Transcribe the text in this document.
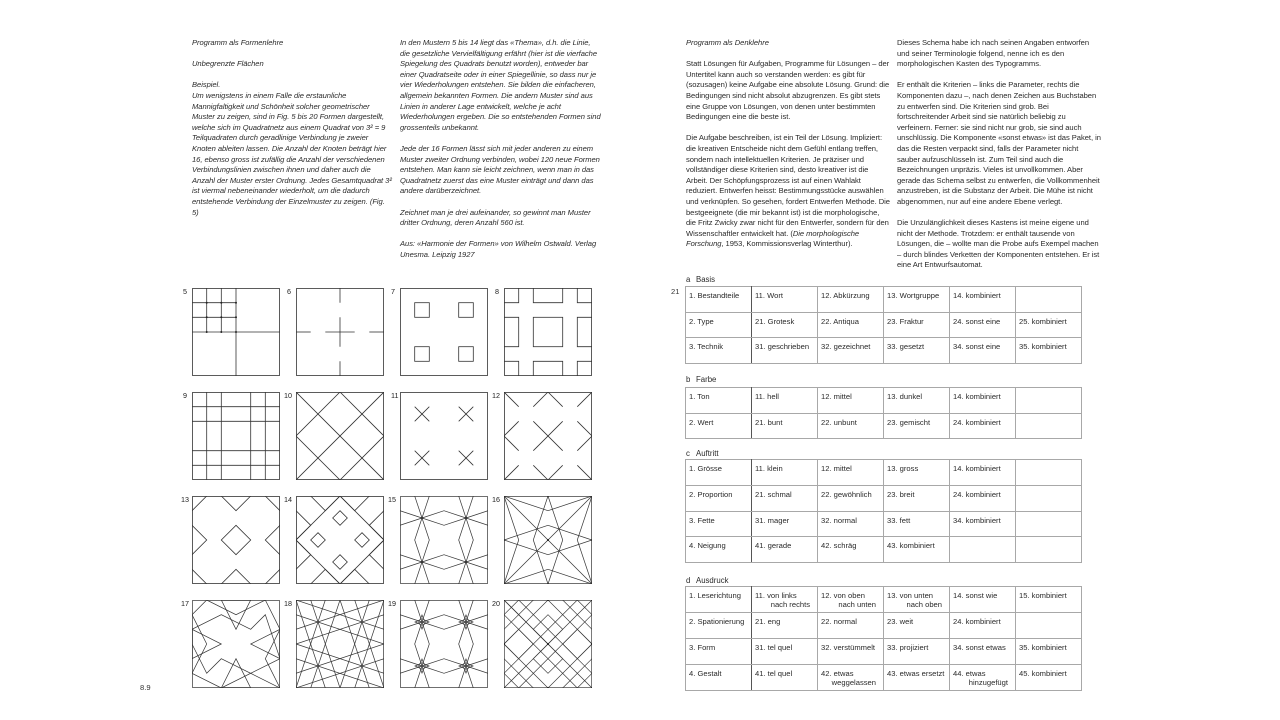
Programm als Formenlehre

Unbegrenzte Flächen

Beispiel.

Um wenigstens in einem Falle die erstaunliche Mannigfaltigkeit und Schönheit solcher geometrischer Muster zu zeigen, sind in Fig. 5 bis 20 Formen dargestellt, welche sich im Quadratnetz aus einem Quadrat von 3² = 9 Teilquadraten durch geradlinige Verbindung je zweier Knoten ableiten lassen. Die Anzahl der Knoten beträgt hier 16, ebenso gross ist zufällig die Anzahl der verschiedenen Verbindungslinien zwischen ihnen und daher auch die Anzahl der Muster erster Ordnung. Jedes Gesamtquadrat 3² ist viermal nebeneinander wiederholt, um die dadurch entstehende Verbindung der Einzelmuster zu zeigen. (Fig. 5)

In den Mustern 5 bis 14 liegt das «Thema», d.h. die Linie, die gesetzliche Vervielfältigung erfährt (hier ist die vierfache Spiegelung des Quadrats benutzt worden), entweder bar einer Quadratseite oder in einer Spiegellinie, so dass nur je vier Wiederholungen entstehen. Sie bilden die einfacheren, allgemein bekannten Formen. Die andern Muster sind aus Linien in anderer Lage entwickelt, welche je acht Wiederholungen ergeben. Die so entstehenden Formen sind grossenteils unbekannt.

Jede der 16 Formen lässt sich mit jeder anderen zu einem Muster zweiter Ordnung verbinden, wobei 120 neue Formen entstehen. Man kann sie leicht zeichnen, wenn man in das Quadratnetz zuerst das eine Muster einträgt und dann das andere darüberzeichnet.

Zeichnet man je drei aufeinander, so gewinnt man Muster dritter Ordnung, deren Anzahl 560 ist.

Aus: «Harmonie der Formen» von Wilhelm Ostwald. Verlag Unesma. Leipzig 1927

5	6	7	8
9	10	11	12
13	14	15	16
17	18	19	20
8.9

Programm als Denklehre

Statt Lösungen für Aufgaben, Programme für Lösungen – der Untertitel kann auch so verstanden werden: es gibt für (sozusagen) keine Aufgabe eine absolute Lösung. Grund: die Bedingungen sind nicht absolut abzugrenzen. Es gibt stets eine Gruppe von Lösungen, von denen unter bestimmten Bedingungen eine die beste ist.

Die Aufgabe beschreiben, ist ein Teil der Lösung. Impliziert: die kreativen Entscheide nicht dem Gefühl entlang treffen, sondern nach intellektuellen Kriterien. Je präziser und vollständiger diese Kriterien sind, desto kreativer ist die Arbeit. Der Schöpfungsprozess ist auf einen Wahlakt reduziert. Entwerfen heisst: Bestimmungsstücke auswählen und verknüpfen. So gesehen, fordert Entwerfen Methode. Die bestgeeignete (die mir bekannt ist) ist die morphologische, die Fritz Zwicky zwar nicht für den Entwerfer, sondern für den Wissenschaftler entwickelt hat. (Die morphologische Forschung, 1953, Kommissionsverlag Winterthur).

Dieses Schema habe ich nach seinen Angaben entworfen und seiner Terminologie folgend, nenne ich es den morphologischen Kasten des Typogramms.

Er enthält die Kriterien – links die Parameter, rechts die Komponenten dazu –, nach denen Zeichen aus Buchstaben zu entwerfen sind. Die Kriterien sind grob. Bei fortschreitender Arbeit sind sie natürlich beliebig zu verfeinern. Ferner: sie sind nicht nur grob, sie sind auch unschlüssig. Die Komponente «sonst etwas» ist das Paket, in das die Resten verpackt sind, falls der Parameter nicht sauber aufzuschlüsseln ist. Zum Teil sind auch die Bezeichnungen unpräzis. Vieles ist unvollkommen. Aber gerade das Schema selbst zu entwerfen, die Vollkommenheit anzustreben, ist die Substanz der Arbeit. Die Mühe ist nicht abgenommen, nur auf eine andere Ebene verlegt.

Die Unzulänglichkeit dieses Kastens ist meine eigene und nicht der Methode. Trotzdem: er enthält tausende von Lösungen, die – wollte man die Probe aufs Exempel machen – durch blindes Verketten der Komponenten entstehen. Er ist eine Art Entwurfsautomat.

21
a Basis
1. Bestandteile	11. Wort	12. Abkürzung	13. Wortgruppe	14. kombiniert	
2. Type	21. Grotesk	22. Antiqua	23. Fraktur	24. sonst eine	25. kombiniert
3. Technik	31. geschrieben	32. gezeichnet	33. gesetzt	34. sonst eine	35. kombiniert
b Farbe
1. Ton	11. hell	12. mittel	13. dunkel	14. kombiniert	
2. Wert	21. bunt	22. unbunt	23. gemischt	24. kombiniert	
c Auftritt
1. Grösse	11. klein	12. mittel	13. gross	14. kombiniert	
2. Proportion	21. schmal	22. gewöhnlich	23. breit	24. kombiniert	
3. Fette	31. mager	32. normal	33. fett	34. kombiniert	
4. Neigung	41. gerade	42. schräg	43. kombiniert		
d Ausdruck
1. Leserichtung	11. von links
nach rechts	12. von oben
nach unten	13. von unten
nach oben	14. sonst wie	15. kombiniert
2. Spationierung	21. eng	22. normal	23. weit	24. kombiniert	
3. Form	31. tel quel	32. verstümmelt	33. projiziert	34. sonst etwas	35. kombiniert
4. Gestalt	41. tel quel	42. etwas
weggelassen	43. etwas ersetzt	44. etwas
hinzugefügt	45. kombiniert
